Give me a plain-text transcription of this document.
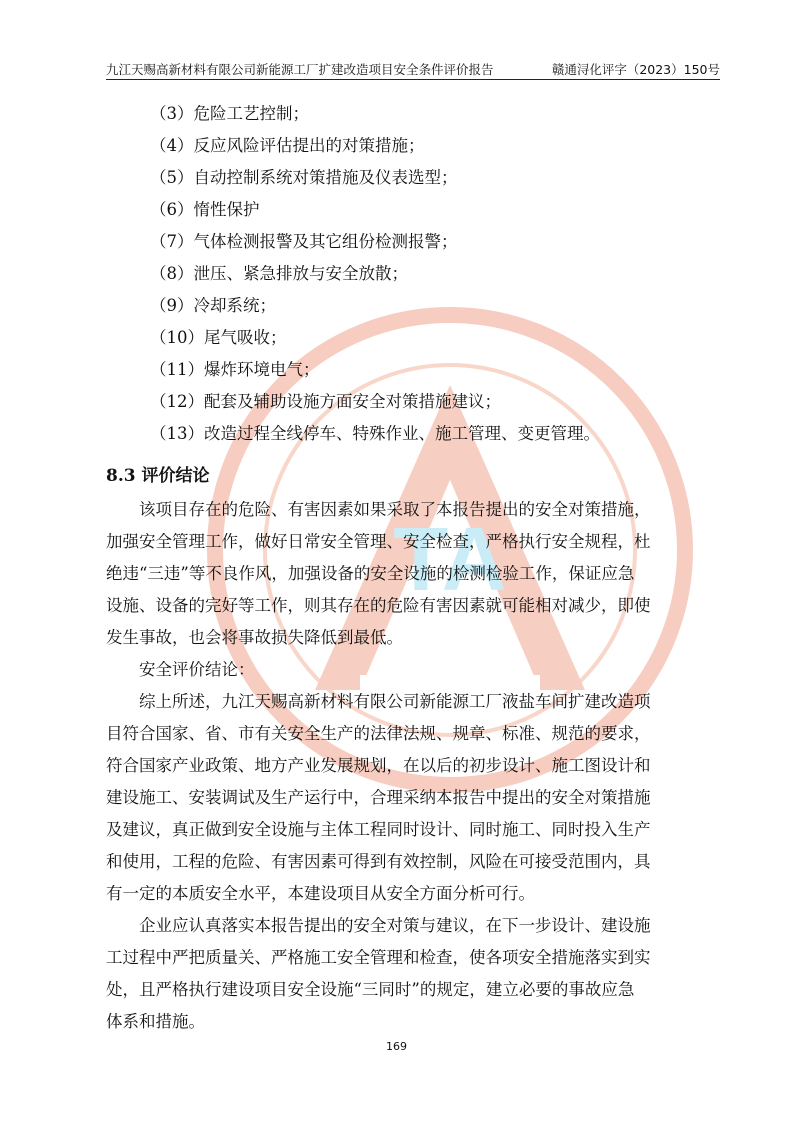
TA
九江天赐高新材料有限公司新能源工厂扩建改造项目安全条件评价报告	赣通浔化评字（2023）150号
（3）危险工艺控制；
（4）反应风险评估提出的对策措施；
（5）自动控制系统对策措施及仪表选型；
（6）惰性保护
（7）气体检测报警及其它组份检测报警；
（8）泄压、紧急排放与安全放散；
（9）冷却系统；
（10）尾气吸收；
（11）爆炸环境电气；
（12）配套及辅助设施方面安全对策措施建议；
（13）改造过程全线停车、特殊作业、施工管理、变更管理。
8.3 评价结论
　　该项目存在的危险、有害因素如果采取了本报告提出的安全对策措施，
加强安全管理工作，做好日常安全管理、安全检查，严格执行安全规程，杜
绝违“三违”等不良作风，加强设备的安全设施的检测检验工作，保证应急
设施、设备的完好等工作，则其存在的危险有害因素就可能相对减少，即使
发生事故，也会将事故损失降低到最低。
　　安全评价结论：
　　综上所述，九江天赐高新材料有限公司新能源工厂液盐车间扩建改造项
目符合国家、省、市有关安全生产的法律法规、规章、标准、规范的要求，
符合国家产业政策、地方产业发展规划，在以后的初步设计、施工图设计和
建设施工、安装调试及生产运行中，合理采纳本报告中提出的安全对策措施
及建议，真正做到安全设施与主体工程同时设计、同时施工、同时投入生产
和使用，工程的危险、有害因素可得到有效控制，风险在可接受范围内，具
有一定的本质安全水平，本建设项目从安全方面分析可行。
　　企业应认真落实本报告提出的安全对策与建议，在下一步设计、建设施
工过程中严把质量关、严格施工安全管理和检查，使各项安全措施落实到实
处，且严格执行建设项目安全设施“三同时”的规定，建立必要的事故应急
体系和措施。
169
